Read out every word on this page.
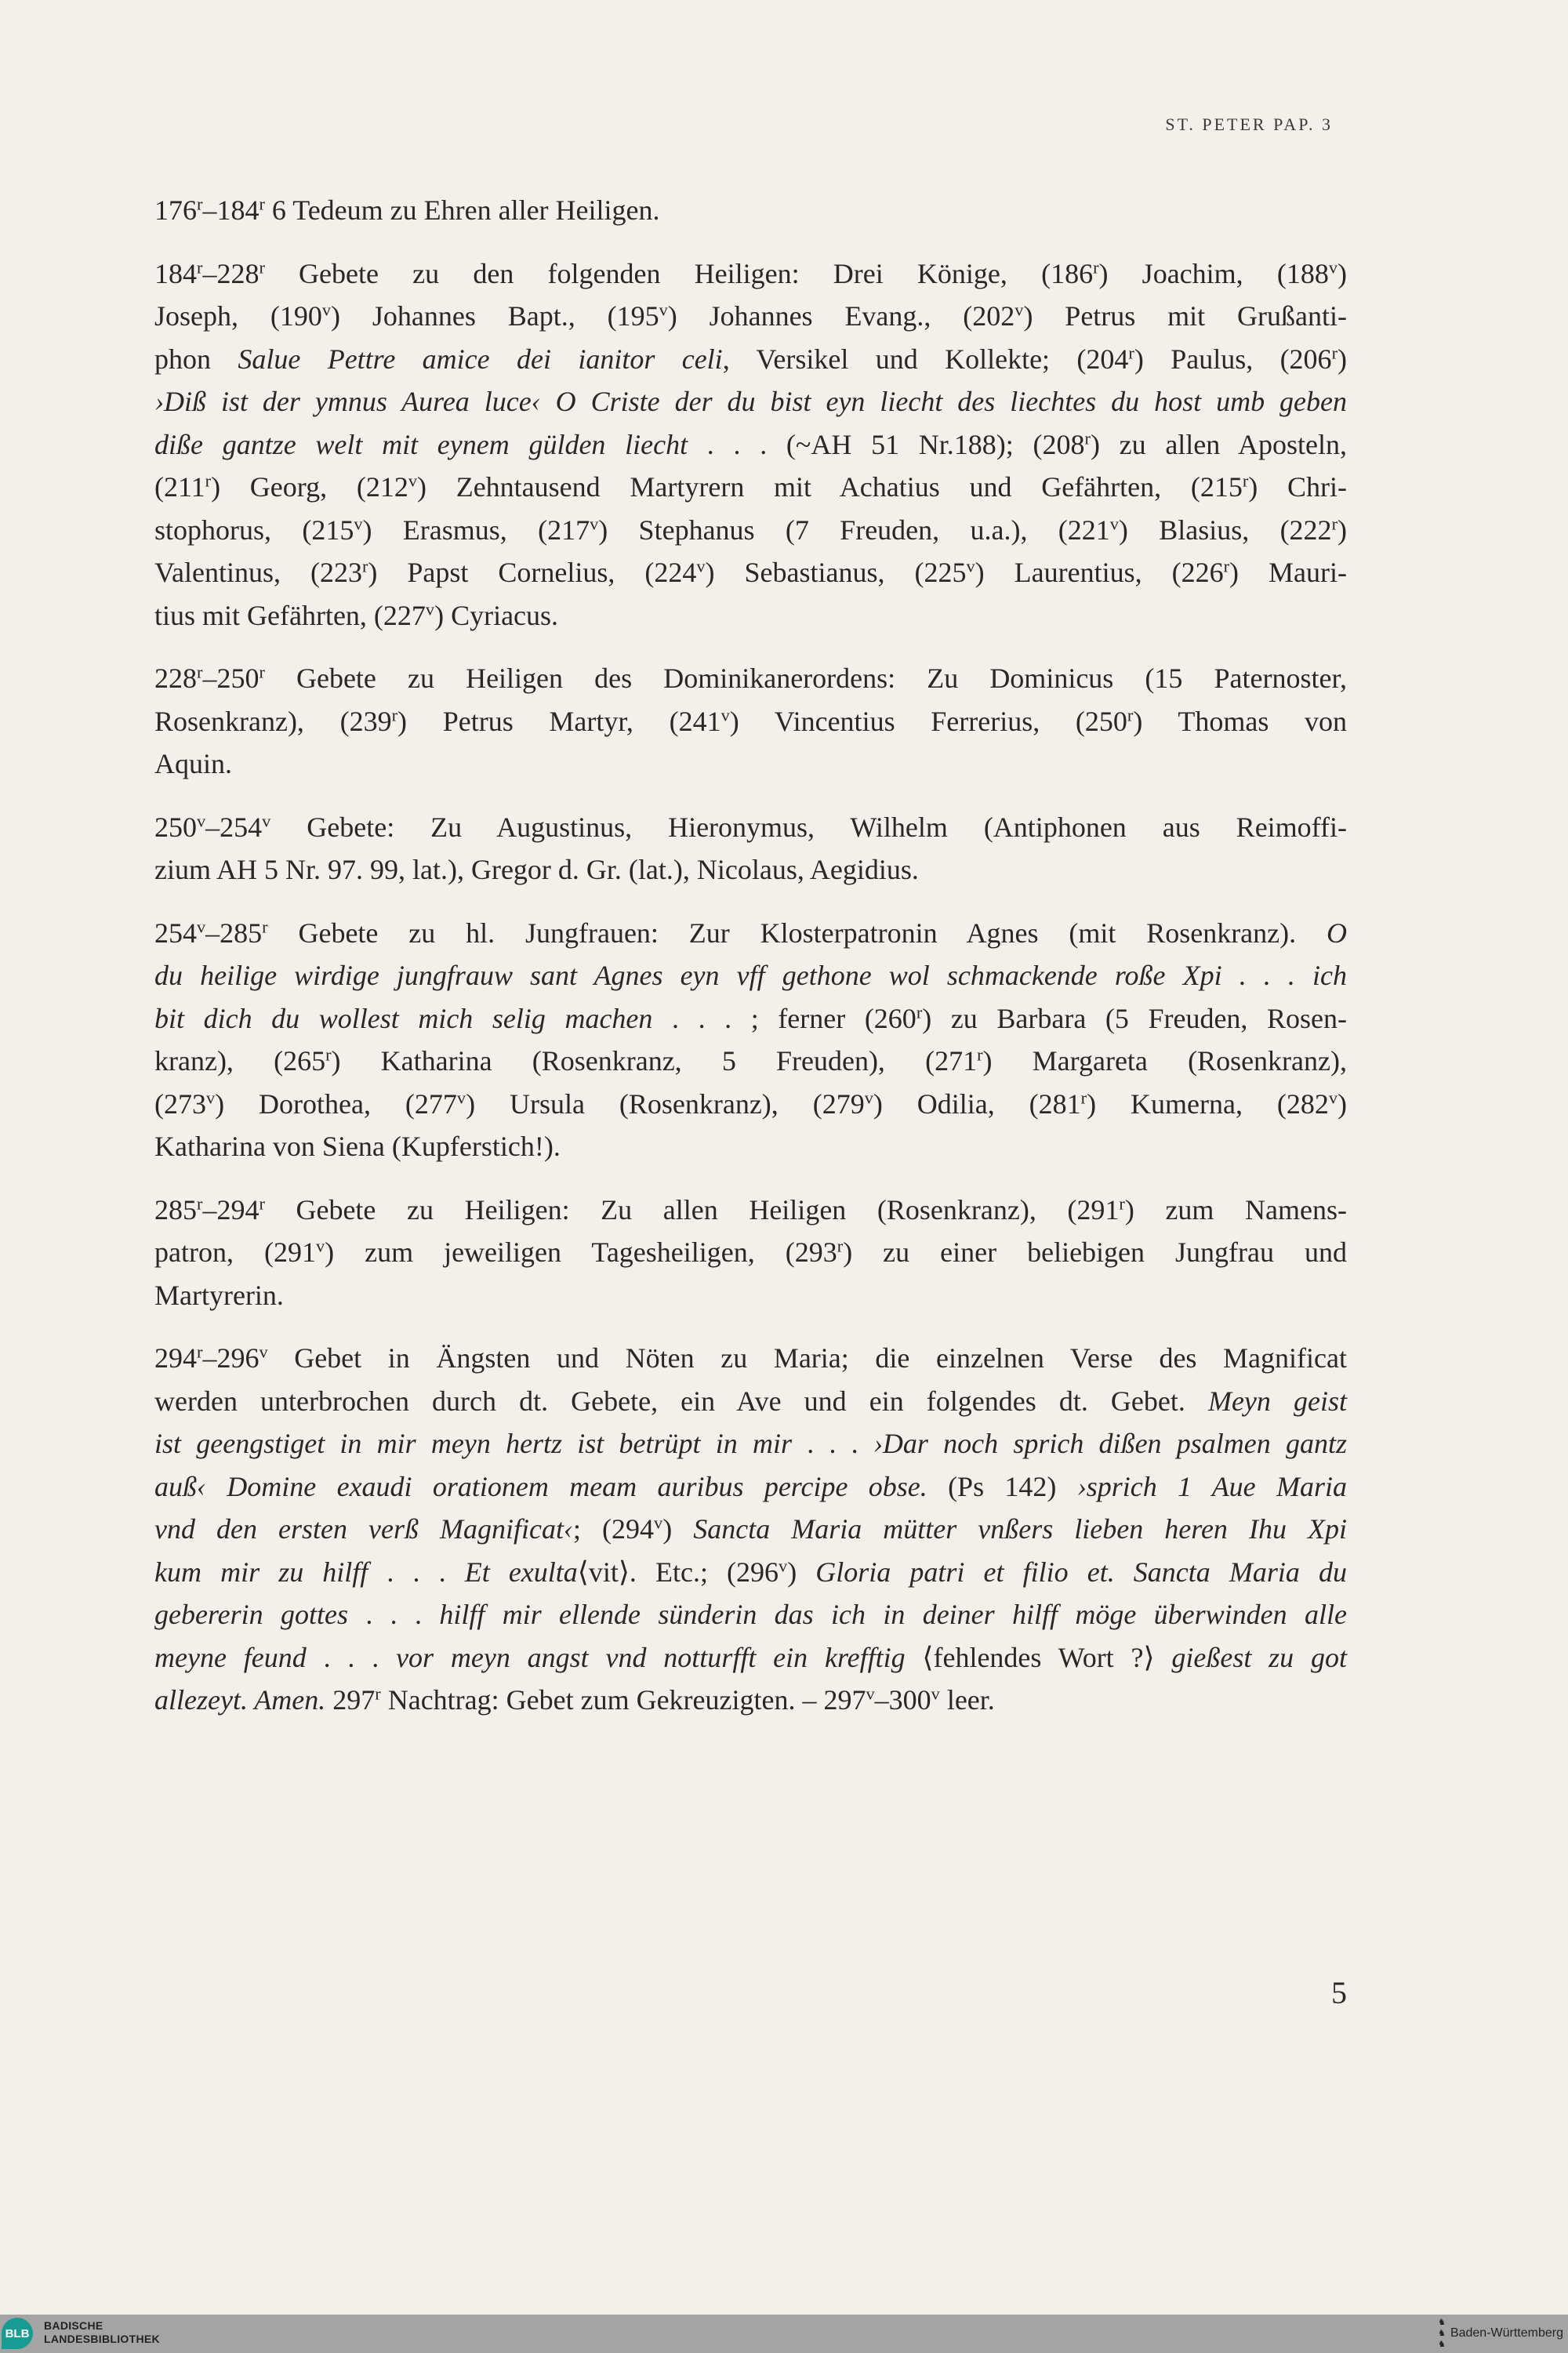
ST. PETER PAP. 3
176$^r$–184$^r$ 6 Tedeum zu Ehren aller Heiligen.
184$^r$–228$^r$ Gebete zu den folgenden Heiligen: Drei Könige, (186$^r$) Joachim, (188$^v$)
Joseph, (190$^v$) Johannes Bapt., (195$^v$) Johannes Evang., (202$^v$) Petrus mit Grußanti-
phon Salue Pettre amice dei ianitor celi, Versikel und Kollekte; (204$^r$) Paulus, (206$^r$)
›Diß ist der ymnus Aurea luce‹ O Criste der du bist eyn liecht des liechtes du host umb geben
diße gantze welt mit eynem gülden liecht . . . (~AH 51 Nr.188); (208$^r$) zu allen Aposteln,
(211$^r$) Georg, (212$^v$) Zehntausend Martyrern mit Achatius und Gefährten, (215$^r$) Chri-
stophorus, (215$^v$) Erasmus, (217$^v$) Stephanus (7 Freuden, u.a.), (221$^v$) Blasius, (222$^r$)
Valentinus, (223$^r$) Papst Cornelius, (224$^v$) Sebastianus, (225$^v$) Laurentius, (226$^r$) Mauri-
tius mit Gefährten, (227$^v$) Cyriacus.
228$^r$–250$^r$ Gebete zu Heiligen des Dominikanerordens: Zu Dominicus (15 Paternoster,
Rosenkranz), (239$^r$) Petrus Martyr, (241$^v$) Vincentius Ferrerius, (250$^r$) Thomas von
Aquin.
250$^v$–254$^v$ Gebete: Zu Augustinus, Hieronymus, Wilhelm (Antiphonen aus Reimoffi-
zium AH 5 Nr. 97. 99, lat.), Gregor d. Gr. (lat.), Nicolaus, Aegidius.
254$^v$–285$^r$ Gebete zu hl. Jungfrauen: Zur Klosterpatronin Agnes (mit Rosenkranz). O
du heilige wirdige jungfrauw sant Agnes eyn vff gethone wol schmackende roße Xpi . . . ich
bit dich du wollest mich selig machen . . . ; ferner (260$^r$) zu Barbara (5 Freuden, Rosen-
kranz), (265$^r$) Katharina (Rosenkranz, 5 Freuden), (271$^r$) Margareta (Rosenkranz),
(273$^v$) Dorothea, (277$^v$) Ursula (Rosenkranz), (279$^v$) Odilia, (281$^r$) Kumerna, (282$^v$)
Katharina von Siena (Kupferstich!).
285$^r$–294$^r$ Gebete zu Heiligen: Zu allen Heiligen (Rosenkranz), (291$^r$) zum Namens-
patron, (291$^v$) zum jeweiligen Tagesheiligen, (293$^r$) zu einer beliebigen Jungfrau und
Martyrerin.
294$^r$–296$^v$ Gebet in Ängsten und Nöten zu Maria; die einzelnen Verse des Magnificat
werden unterbrochen durch dt. Gebete, ein Ave und ein folgendes dt. Gebet. Meyn geist
ist geengstiget in mir meyn hertz ist betrüpt in mir . . . ›Dar noch sprich dißen psalmen gantz
auß‹ Domine exaudi orationem meam auribus percipe obse. (Ps 142) ›sprich 1 Aue Maria
vnd den ersten verß Magnificat‹; (294$^v$) Sancta Maria mütter vnßers lieben heren Ihu Xpi
kum mir zu hilff . . . Et exulta⟨vit⟩. Etc.; (296$^v$) Gloria patri et filio et. Sancta Maria du
gebererin gottes . . . hilff mir ellende sünderin das ich in deiner hilff möge überwinden alle
meyne feund . . . vor meyn angst vnd notturfft ein krefftig ⟨fehlendes Wort ?⟩ gießest zu got
allezeyt. Amen. 297$^r$ Nachtrag: Gebet zum Gekreuzigten. – 297$^v$–300$^v$ leer.
5
BLB
BADISCHE
LANDESBIBLIOTHEK
♞
♞
♞
Baden-Württemberg
